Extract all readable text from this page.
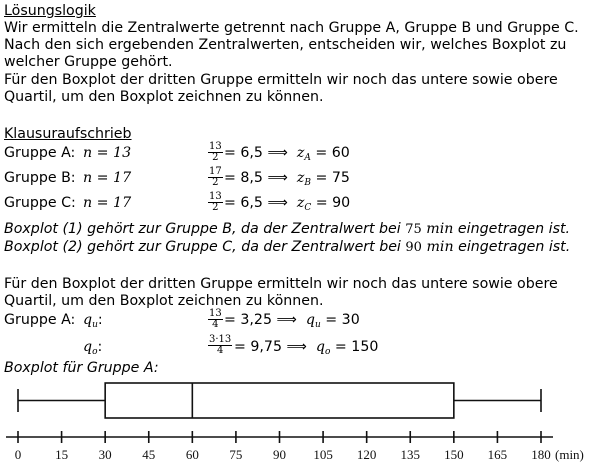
Lösungslogik
Wir ermitteln die Zentralwerte getrennt nach Gruppe A, Gruppe B und Gruppe C.
Nach den sich ergebenden Zentralwerten, entscheiden wir, welches Boxplot zu
welcher Gruppe gehört.
Für den Boxplot der dritten Gruppe ermitteln wir noch das untere sowie obere
Quartil, um den Boxplot zeichnen zu können.
Klausuraufschrieb
Gruppe A: n = 13	$\frac{13}{2} = 6,5$ ⟹ $z_A = 60$
Gruppe B: n = 17	$\frac{17}{2} = 8,5$ ⟹ $z_B = 75$
Gruppe C: n = 17	$\frac{13}{2} = 6,5$ ⟹ $z_C = 90$
Boxplot (1) gehört zur Gruppe B, da der Zentralwert bei 75 min eingetragen ist.
Boxplot (2) gehört zur Gruppe C, da der Zentralwert bei 90 min eingetragen ist.
Für den Boxplot der dritten Gruppe ermitteln wir noch das untere sowie obere
Quartil, um den Boxplot zeichnen zu können.
Gruppe A: $q_u$:	$\frac{13}{4} = 3,25$ ⟹ $q_u = 30$
$q_o$:	$\frac{3\cdot 13}{4} = 9,75$ ⟹ $q_o = 150$
Boxplot für Gruppe A:
0	15 30 45 60 75 90 105 120 135 150 165 180 (min)
